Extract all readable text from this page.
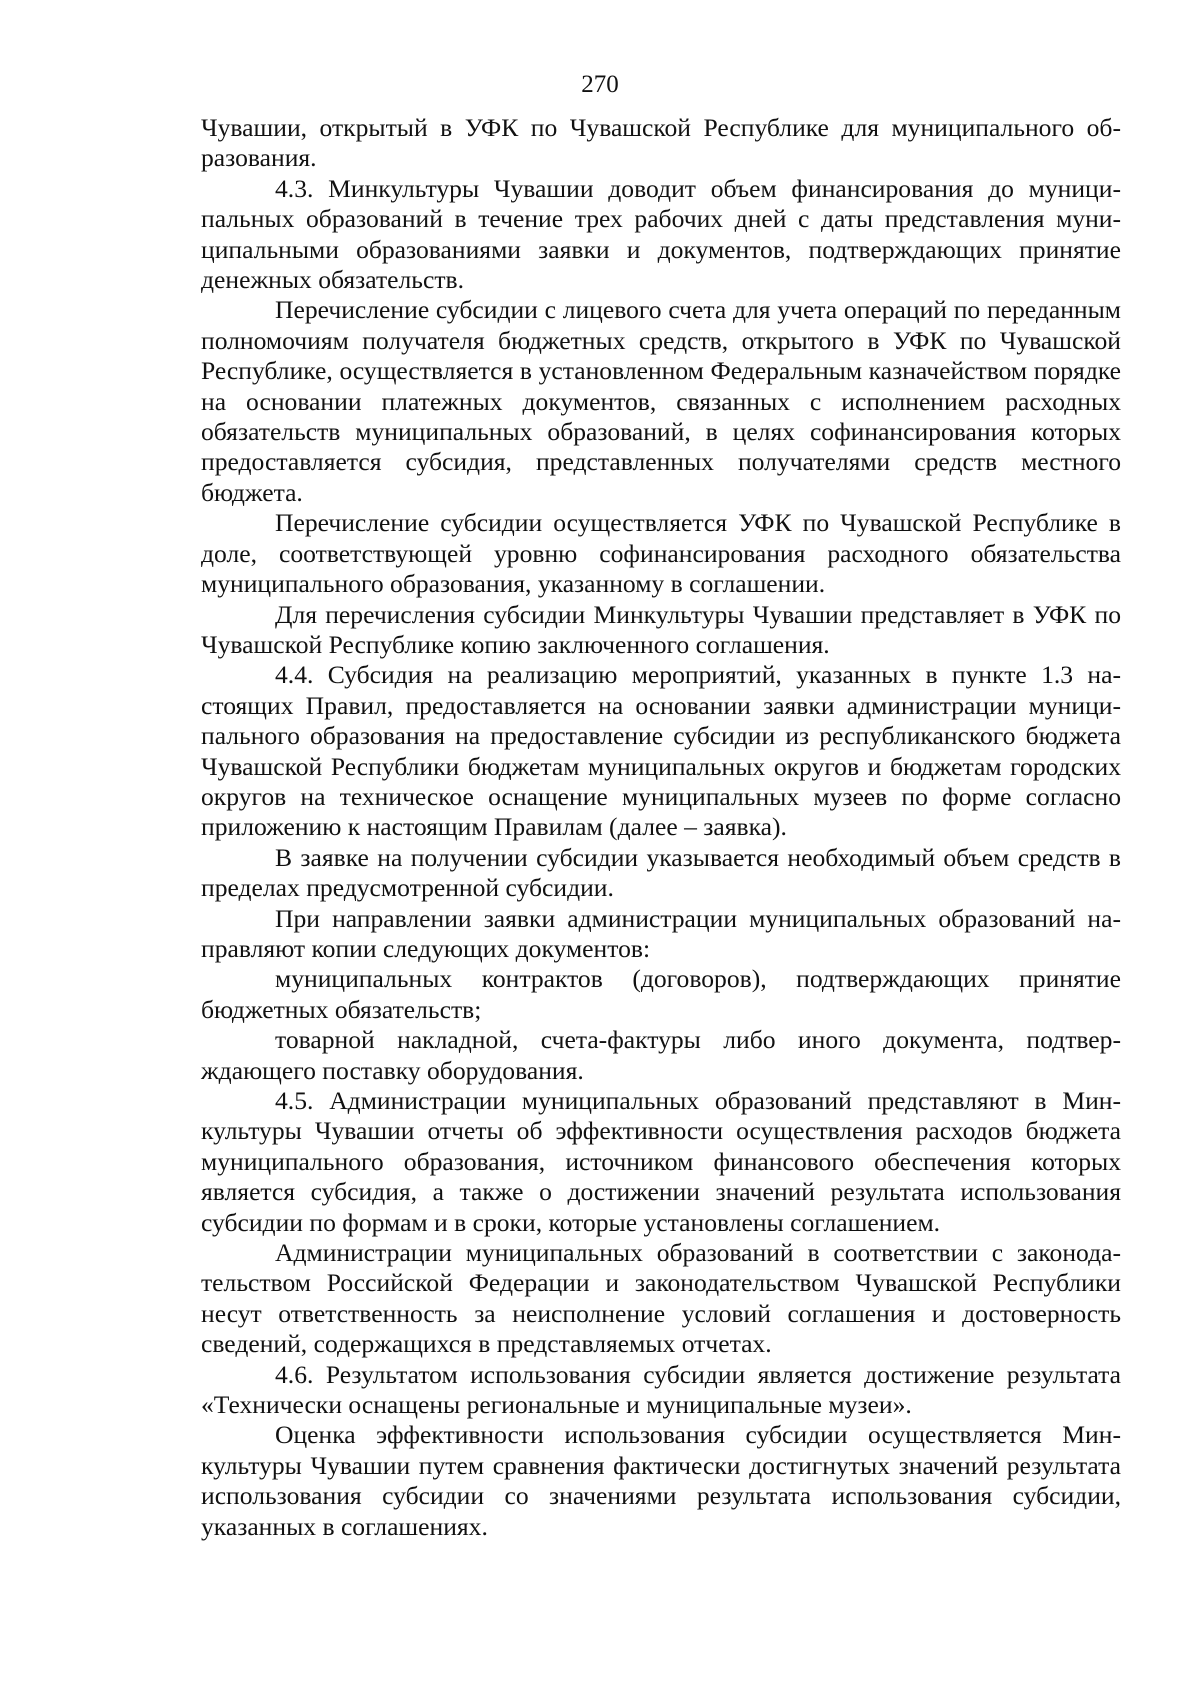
270

Чувашии, открытый в УФК по Чувашской Республике для муниципального образования.

4.3. Минкультуры Чувашии доводит объем финансирования до муниципальных образований в течение трех рабочих дней с даты представления муниципальными образованиями заявки и документов, подтверждающих принятие денежных обязательств.

Перечисление субсидии с лицевого счета для учета операций по переданным полномочиям получателя бюджетных средств, открытого в УФК по Чувашской Республике, осуществляется в установленном Федеральным казначейством порядке на основании платежных документов, связанных с исполнением расходных обязательств муниципальных образований, в целях софинансирования которых предоставляется субсидия, представленных получателями средств местного бюджета.

Перечисление субсидии осуществляется УФК по Чувашской Республике в доле, соответствующей уровню софинансирования расходного обязательства муниципального образования, указанному в соглашении.

Для перечисления субсидии Минкультуры Чувашии представляет в УФК по Чувашской Республике копию заключенного соглашения.

4.4. Субсидия на реализацию мероприятий, указанных в пункте 1.3 настоящих Правил, предоставляется на основании заявки администрации муниципального образования на предоставление субсидии из республиканского бюджета Чувашской Республики бюджетам муниципальных округов и бюджетам городских округов на техническое оснащение муниципальных музеев по форме согласно приложению к настоящим Правилам (далее – заявка).

В заявке на получении субсидии указывается необходимый объем средств в пределах предусмотренной субсидии.

При направлении заявки администрации муниципальных образований направляют копии следующих документов:

муниципальных контрактов (договоров), подтверждающих принятие бюджетных обязательств;

товарной накладной, счета-фактуры либо иного документа, подтверждающего поставку оборудования.

4.5. Администрации муниципальных образований представляют в Минкультуры Чувашии отчеты об эффективности осуществления расходов бюджета муниципального образования, источником финансового обеспечения которых является субсидия, а также о достижении значений результата использования субсидии по формам и в сроки, которые установлены соглашением.

Администрации муниципальных образований в соответствии с законодательством Российской Федерации и законодательством Чувашской Республики несут ответственность за неисполнение условий соглашения и достоверность сведений, содержащихся в представляемых отчетах.

4.6. Результатом использования субсидии является достижение результата «Технически оснащены региональные и муниципальные музеи».

Оценка эффективности использования субсидии осуществляется Минкультуры Чувашии путем сравнения фактически достигнутых значений результата использования субсидии со значениями результата использования субсидии, указанных в соглашениях.
